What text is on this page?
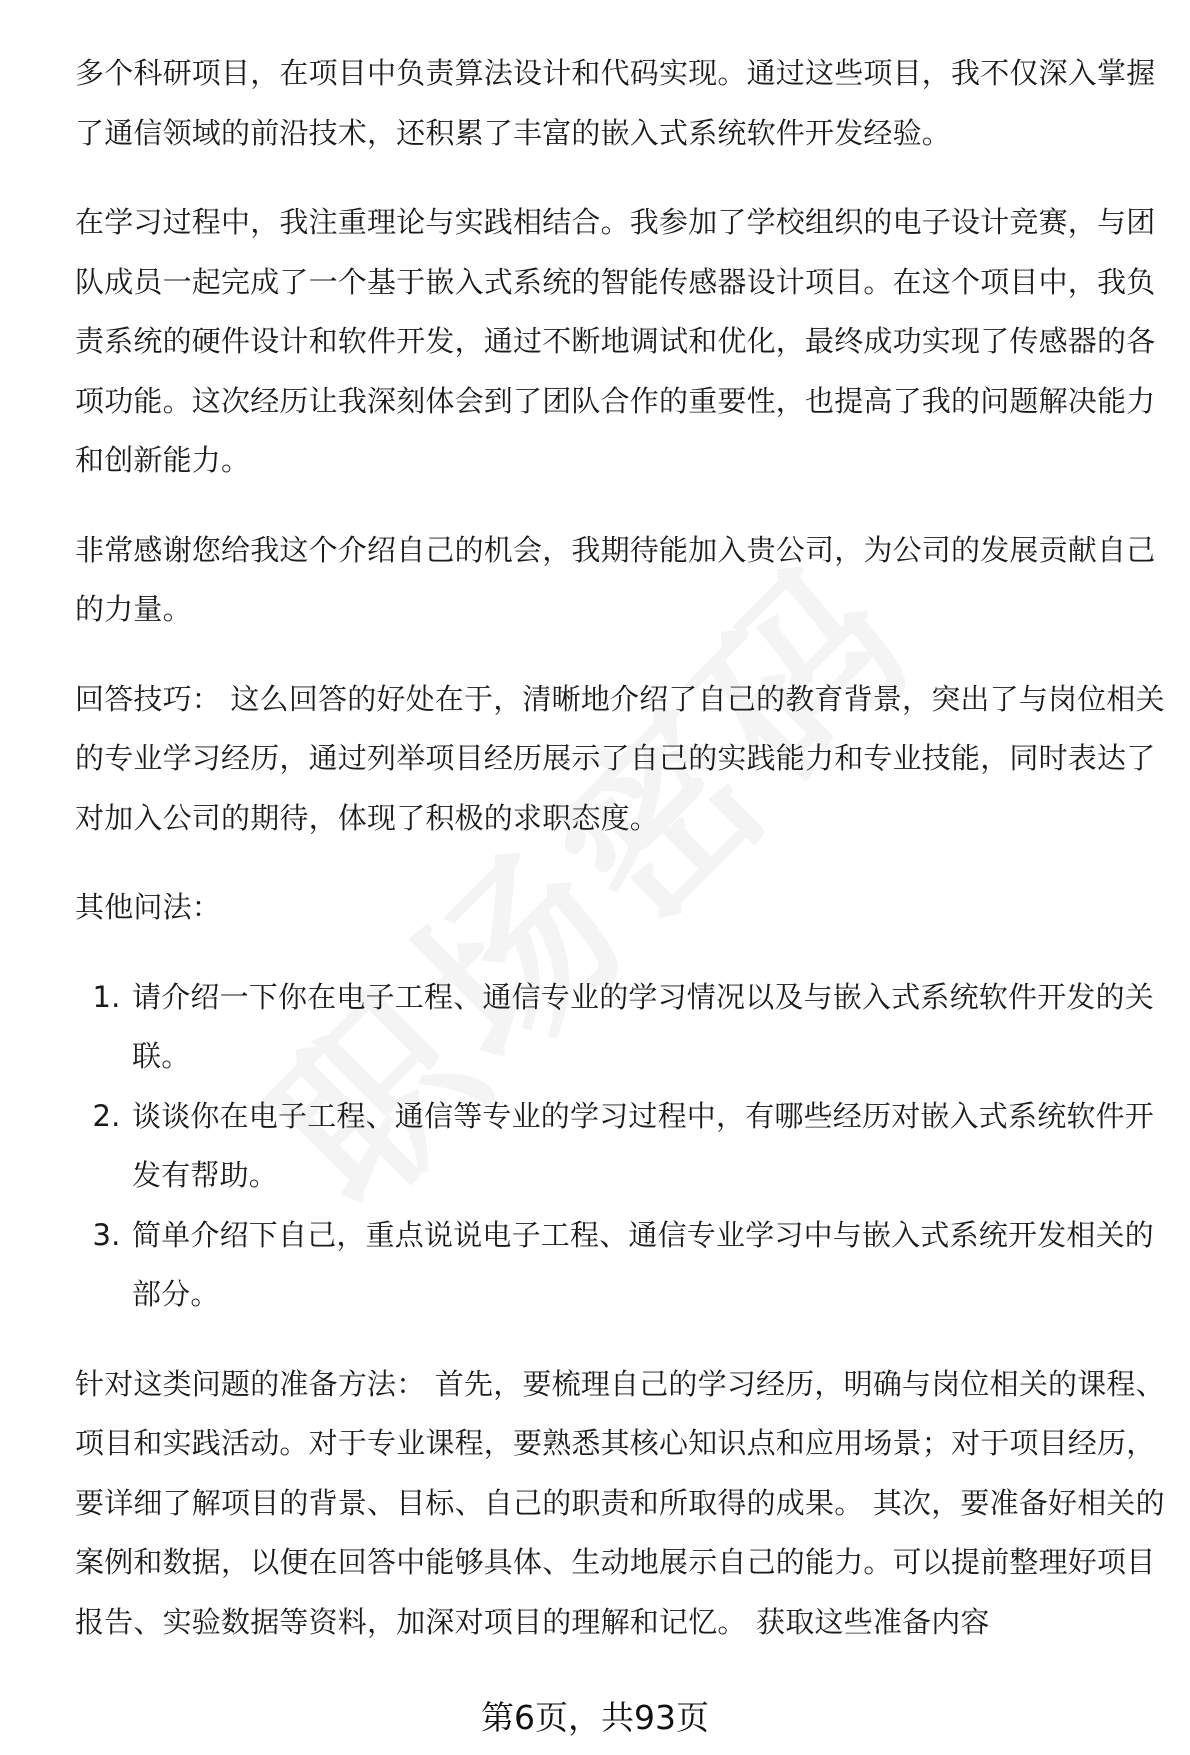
多个科研项目，在项目中负责算法设计和代码实现。通过这些项目，我不仅深入掌握了通信领域的前沿技术，还积累了丰富的嵌入式系统软件开发经验。

在学习过程中，我注重理论与实践相结合。我参加了学校组织的电子设计竞赛，与团队成员一起完成了一个基于嵌入式系统的智能传感器设计项目。在这个项目中，我负责系统的硬件设计和软件开发，通过不断地调试和优化，最终成功实现了传感器的各项功能。这次经历让我深刻体会到了团队合作的重要性，也提高了我的问题解决能力和创新能力。

非常感谢您给我这个介绍自己的机会，我期待能加入贵公司，为公司的发展贡献自己的力量。

回答技巧： 这么回答的好处在于，清晰地介绍了自己的教育背景，突出了与岗位相关的专业学习经历，通过列举项目经历展示了自己的实践能力和专业技能，同时表达了对加入公司的期待，体现了积极的求职态度。

其他问法：

1. 请介绍一下你在电子工程、通信专业的学习情况以及与嵌入式系统软件开发的关联。
2. 谈谈你在电子工程、通信等专业的学习过程中，有哪些经历对嵌入式系统软件开发有帮助。
3. 简单介绍下自己，重点说说电子工程、通信专业学习中与嵌入式系统开发相关的部分。

针对这类问题的准备方法： 首先，要梳理自己的学习经历，明确与岗位相关的课程、项目和实践活动。对于专业课程，要熟悉其核心知识点和应用场景；对于项目经历，要详细了解项目的背景、目标、自己的职责和所取得的成果。 其次，要准备好相关的案例和数据，以便在回答中能够具体、生动地展示自己的能力。可以提前整理好项目报告、实验数据等资料，加深对项目的理解和记忆。 获取这些准备内容

第6页，共93页
